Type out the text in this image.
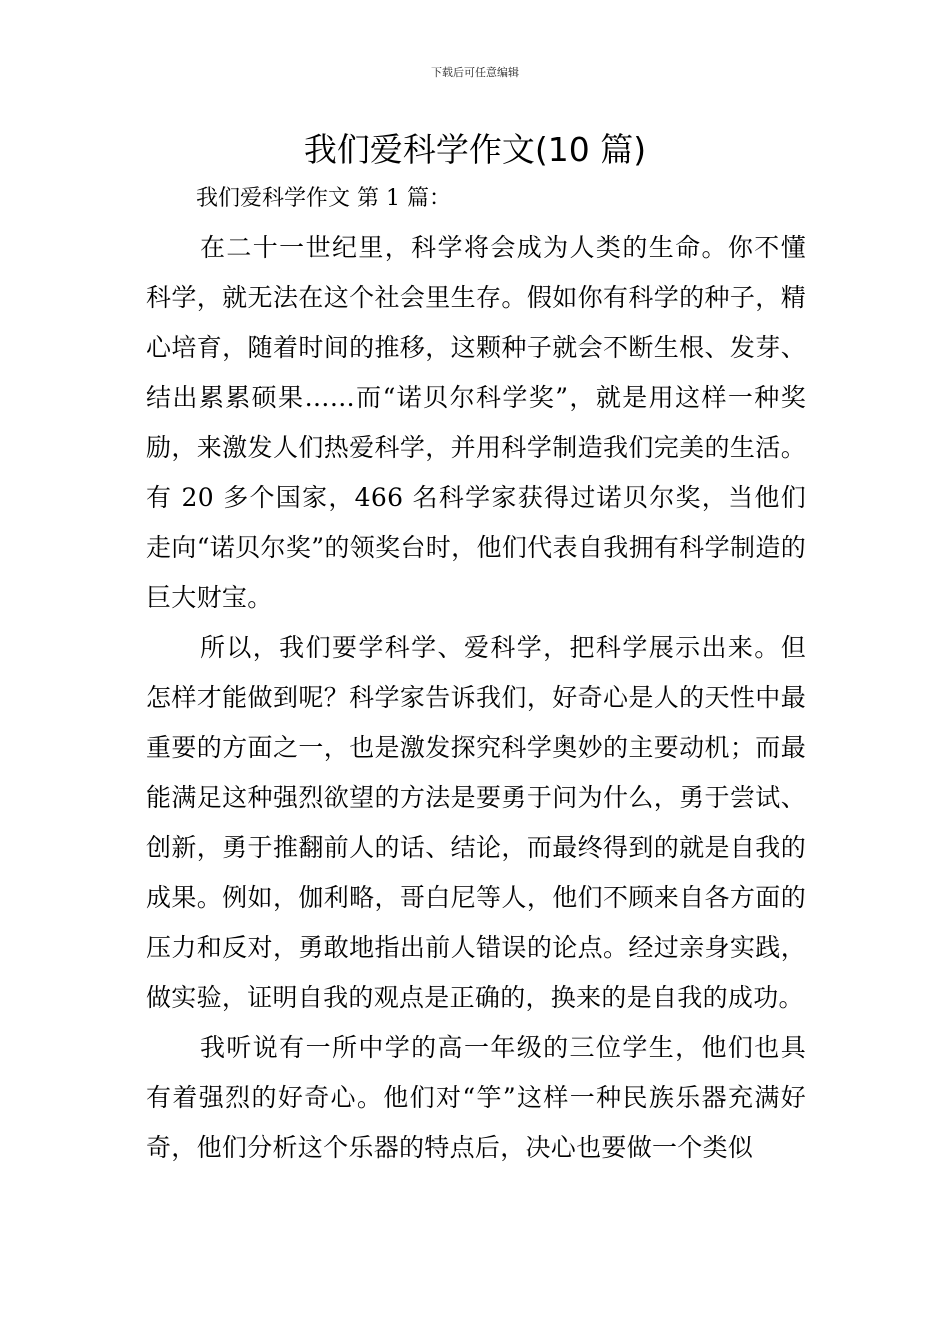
下载后可任意编辑
我们爱科学作文(10 篇)

我们爱科学作文 第 1 篇：

在二十一世纪里，科学将会成为人类的生命。你不懂科学，就无法在这个社会里生存。假如你有科学的种子，精心培育，随着时间的推移，这颗种子就会不断生根、发芽、结出累累硕果……而“诺贝尔科学奖”，就是用这样一种奖励，来激发人们热爱科学，并用科学制造我们完美的生活。有 20 多个国家，466 名科学家获得过诺贝尔奖，当他们走向“诺贝尔奖”的领奖台时，他们代表自我拥有科学制造的巨大财宝。

所以，我们要学科学、爱科学，把科学展示出来。但怎样才能做到呢？科学家告诉我们，好奇心是人的天性中最重要的方面之一，也是激发探究科学奥妙的主要动机；而最能满足这种强烈欲望的方法是要勇于问为什么，勇于尝试、创新，勇于推翻前人的话、结论，而最终得到的就是自我的成果。例如，伽利略，哥白尼等人，他们不顾来自各方面的压力和反对，勇敢地指出前人错误的论点。经过亲身实践，做实验，证明自我的观点是正确的，换来的是自我的成功。

我听说有一所中学的高一年级的三位学生，他们也具有着强烈的好奇心。他们对“竽”这样一种民族乐器充满好奇，他们分析这个乐器的特点后，决心也要做一个类似
